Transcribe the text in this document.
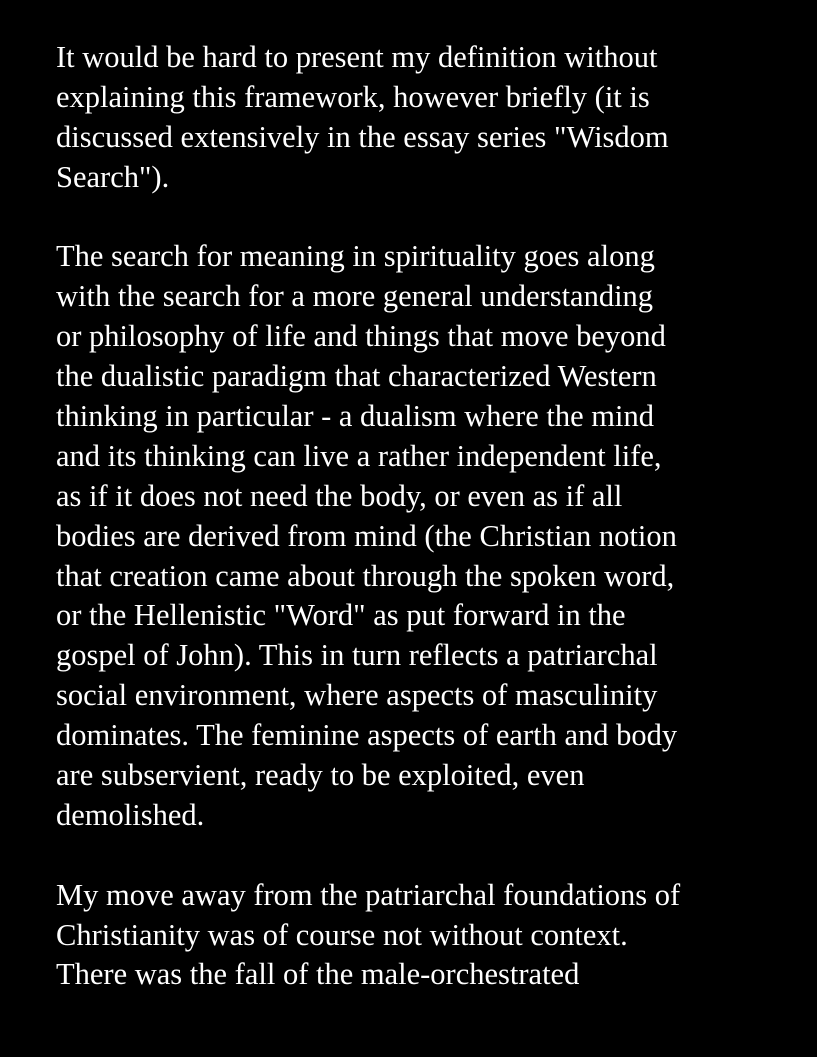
It would be hard to present my definition without
explaining this framework, however briefly (it is
discussed extensively in the essay series "Wisdom
Search").
The search for meaning in spirituality goes along
with the search for a more general understanding
or philosophy of life and things that move beyond
the dualistic paradigm that characterized Western
thinking in particular - a dualism where the mind
and its thinking can live a rather independent life,
as if it does not need the body, or even as if all
bodies are derived from mind (the Christian notion
that creation came about through the spoken word,
or the Hellenistic "Word" as put forward in the
gospel of John). This in turn reflects a patriarchal
social environment, where aspects of masculinity
dominates. The feminine aspects of earth and body
are subservient, ready to be exploited, even
demolished.
My move away from the patriarchal foundations of
Christianity was of course not without context.
There was the fall of the male-orchestrated
